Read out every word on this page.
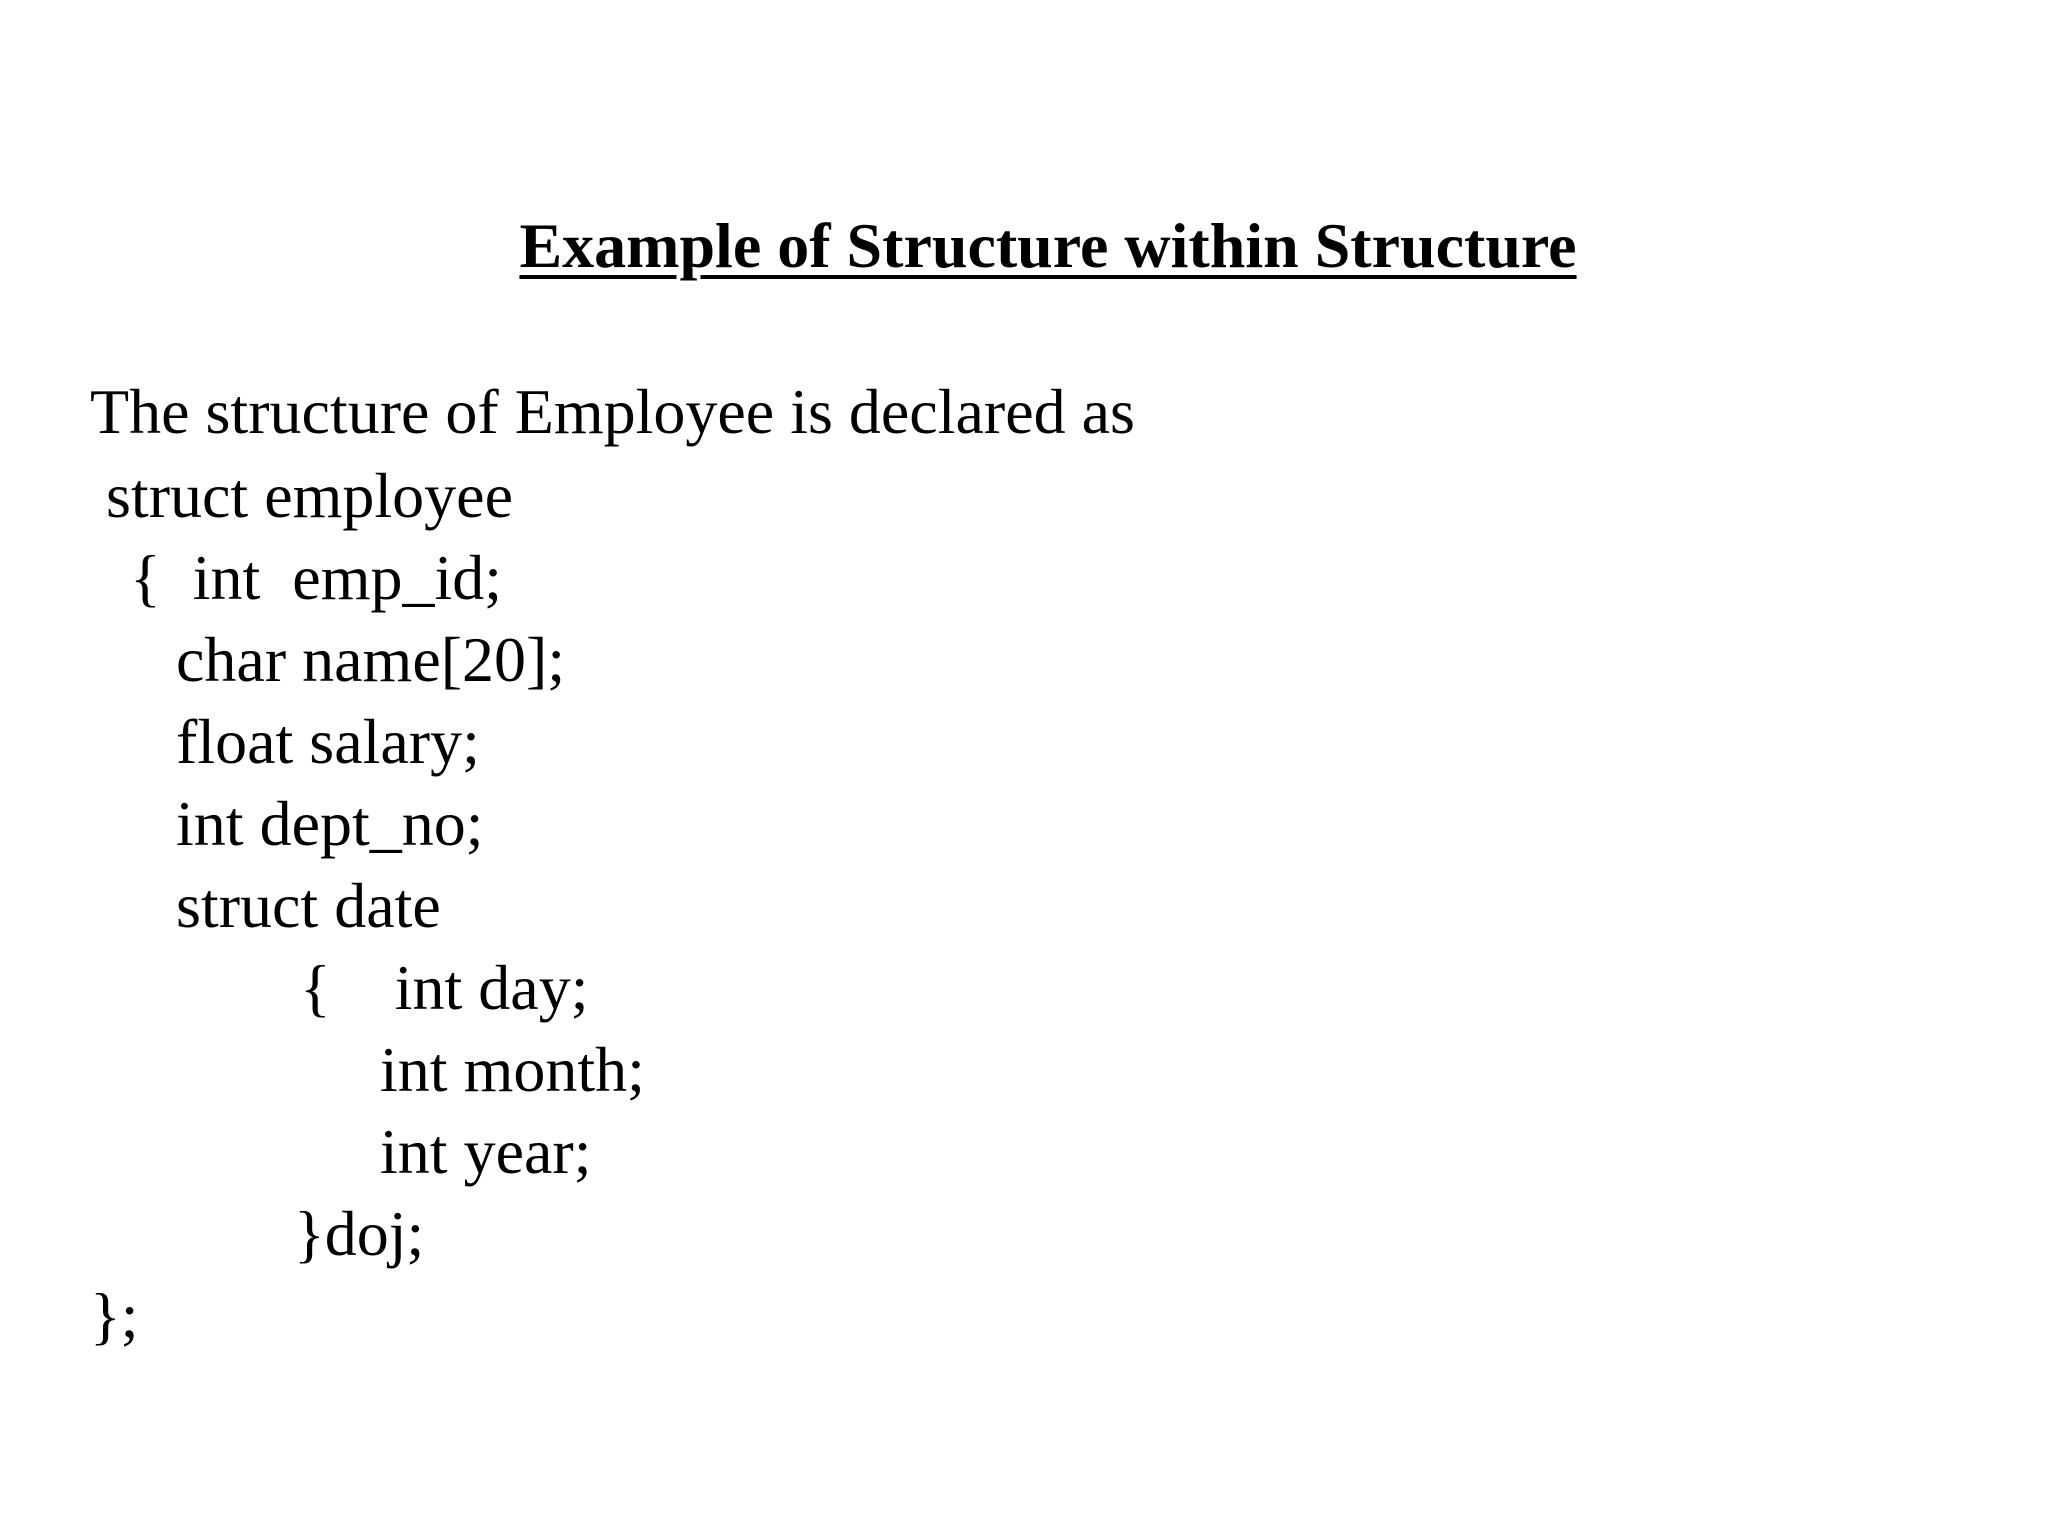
Example of Structure within Structure
The structure of Employee is declared as
struct employee
{  int  emp_id;
char name[20];
float salary;
int dept_no;
struct date
{    int day;
int month;
int year;
}doj;
};
